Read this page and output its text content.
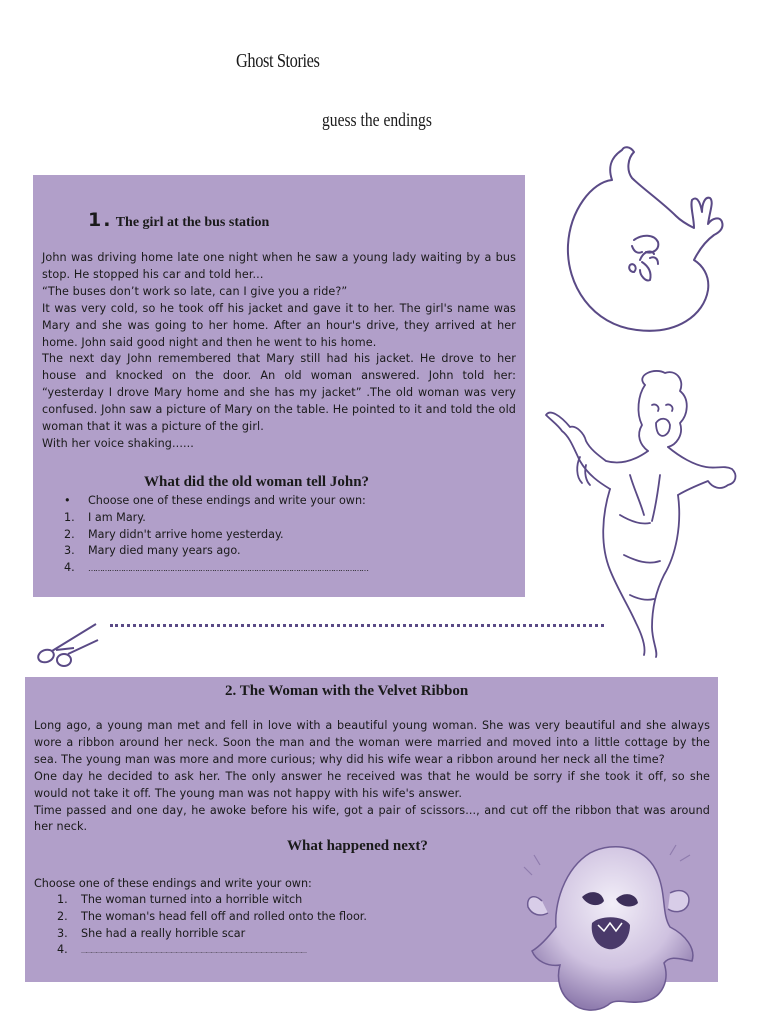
Ghost Stories
guess the endings
1 . The girl at the bus station

John was driving home late one night when he saw a young lady waiting by a bus stop. He stopped his car and told her...

“The buses don’t work so late, can I give you a ride?”

It was very cold, so he took off his jacket and gave it to her. The girl's name was Mary and she was going to her home. After an hour's drive, they arrived at her home. John said good night and then he went to his home.

The next day John remembered that Mary still had his jacket. He drove to her house and knocked on the door. An old woman answered. John told her: “yesterday I drove Mary home and she has my jacket” .The old woman was very confused. John saw a picture of Mary on the table. He pointed to it and told the old woman that it was a picture of the girl.

With her voice shaking......

What did the old woman tell John?
• Choose one of these endings and write your own:
1. I am Mary.
2. Mary didn't arrive home yesterday.
3. Mary died many years ago.
4. …………………………………………………………………………………………………………
2. The Woman with the Velvet Ribbon

Long ago, a young man met and fell in love with a beautiful young woman. She was very beautiful and she always wore a ribbon around her neck. Soon the man and the woman were married and moved into a little cottage by the sea. The young man was more and more curious; why did his wife wear a ribbon around her neck all the time?

One day he decided to ask her. The only answer he received was that he would be sorry if she took it off, so she would not take it off. The young man was not happy with his wife's answer.

Time passed and one day, he awoke before his wife, got a pair of scissors..., and cut off the ribbon that was around her neck.

What happened next?
Choose one of these endings and write your own:
1. The woman turned into a horrible witch
2. The woman's head fell off and rolled onto the floor.
3. She had a really horrible scar
4. ………………………………………………………………………………………………………………………
